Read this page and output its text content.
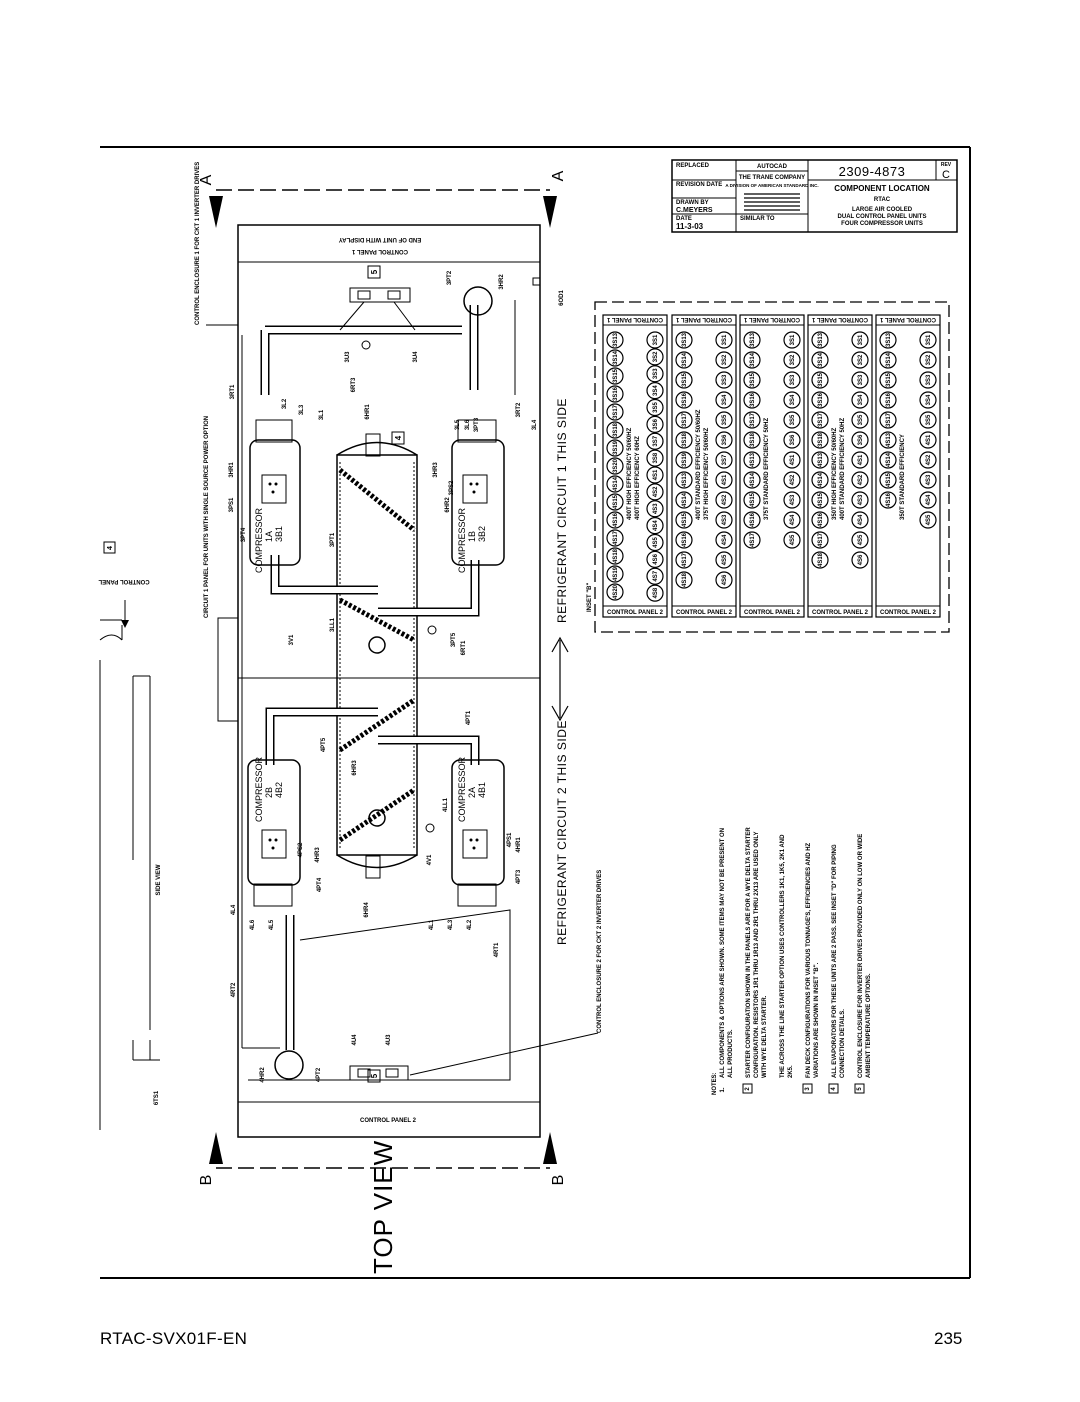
REPLACED
REVISION DATE
DRAWN BY
C.MEYERS
DATE
11-3-03
AUTOCAD
THE TRANE COMPANY
A DIVISION OF AMERICAN STANDARD INC.
SIMILAR TO
2309-4873	REV
C
COMPONENT LOCATION
RTAC
LARGE AIR COOLED
DUAL CONTROL PANEL UNITS
FOUR COMPRESSOR UNITS
A	A
B	B
TOP VIEW
END OF UNIT WITH DISPLAY
CONTROL PANEL 1
CONTROL PANEL 2
COMPRESSOR 1A 3B1	COMPRESSOR 1B 3B2
COMPRESSOR 2B 4B2	COMPRESSOR 2A 4B1
3PT2	3HR2
6OD1
3U3	3U4
6RT3
3RT1
3L2
3L3 3L1	6HR1	3RT2
3L4
3L5 3L6 3PT3
3HR1
3PS1
3PT4
3HR3
3PS2
6HR2
3PT1
3V1
3LL1
3PT5
6RT1
4PT1
4PT5
6HR3
4LL1
4V1
4PS1 4HR1
4PT3
4L1 4L3 4L2
4RT1
4PS2 4HR3
4PT4
4L4
4L6 4L5
4RT2
4U4	4U3
4HR2	4PT2
6HR4
6TS1
5
4
5
4
CONTROL ENCLOSURE 1 FOR CKT 1 INVERTER DRIVES
CONTROL ENCLOSURE 2 FOR CKT 2 INVERTER DRIVES
CIRCUIT 1 PANEL FOR UNITS WITH SINGLE SOURCE POWER OPTION	REFRIGERANT CIRCUIT 1 THIS SIDE
REFRIGERANT CIRCUIT 2 THIS SIDE
CONTROL PANEL
SIDE VIEW
INSET "B"
CONTROL PANEL 1
CONTROL PANEL 2
3S13
3S14
3S15
3S16
3S17
3S18
3S19
3S20
4S14
4S15
4S16
4S17
4S18
4S19
4S20
3S1
3S2
3S3
3S4
3S5
3S6
3S7
3S8
4S1
4S2
4S3
4S4
4S5
4S6
4S7
4S8
400T HIGH EFFICIENCY 50/60HZ 400T HIGH EFFICIENCY 60HZ
CONTROL PANEL 1
CONTROL PANEL 2
3S13
3S14
3S15
3S16
3S17
3S18
3S19
4S13
4S14
4S15
4S16
4S17
4S18
3S1
3S2
3S3
3S4
3S5
3S6
3S7
4S1
4S2
4S3
4S4
4S5
4S6
400T STANDARD EFFICIENCY 50/60HZ 375T HIGH EFFICIENCY 50/60HZ
CONTROL PANEL 1
CONTROL PANEL 2
3S13
3S14
3S15
3S16
3S17
3S18
4S13
4S14
4S15
4S16
4S17
3S1
3S2
3S3
3S4
3S5
3S6
4S1
4S2
4S3
4S4
4S5
375T STANDARD EFFICIENCY 50HZ
CONTROL PANEL 1
CONTROL PANEL 2
3S13
3S14
3S15
3S16
3S17
3S18
4S13
4S14
4S15
4S16
4S17
4S18
3S1
3S2
3S3
3S4
3S5
3S6
4S1
4S2
4S3
4S4
4S5
4S6
350T HIGH EFFICIENCY 50/60HZ 400T STANDARD EFFICIENCY 50HZ
CONTROL PANEL 1
CONTROL PANEL 2
3S13
3S14
3S15
3S16
3S17
4S13
4S14
4S15
4S16
3S1
3S2
3S3
3S4
3S5
4S1
4S2
4S3
4S4
4S5
350T STANDARD EFFICIENCY
NOTES: 1.
ALL COMPONENTS & OPTIONS ARE SHOWN. SOME ITEMS MAY NOT BE PRESENT ON ALL PRODUCTS.
2
STARTER CONFIGURATION SHOWN IN THE PANELS ARE FOR A WYE DELTA STARTER CONFIGURATION. RESISTORS 1R1 THRU 1R13 AND 2R1 THRU 2X13 ARE USED ONLY WITH WYE DELTA STARTER. THE ACROSS THE LINE STARTER OPTION USES CONTROLLERS 1K1, 1K5, 2K1 AND 2K5.
3
FAN DECK CONFIGURATIONS FOR VARIOUS TONNAGE'S, EFFICIENCIES AND HZ VARIATIONS ARE SHOWN IN INSET "B".
4
ALL EVAPORATORS FOR THESE UNITS ARE 2 PASS. SEE INSET "D" FOR PIPING CONNECTION DETAILS.
5
CONTROL ENCLOSURE FOR INVERTER DRIVES PROVIDED ONLY ON LOW OR WIDE AMBIENT TEMPERATURE OPTIONS.
RTAC-SVX01F-EN	235
